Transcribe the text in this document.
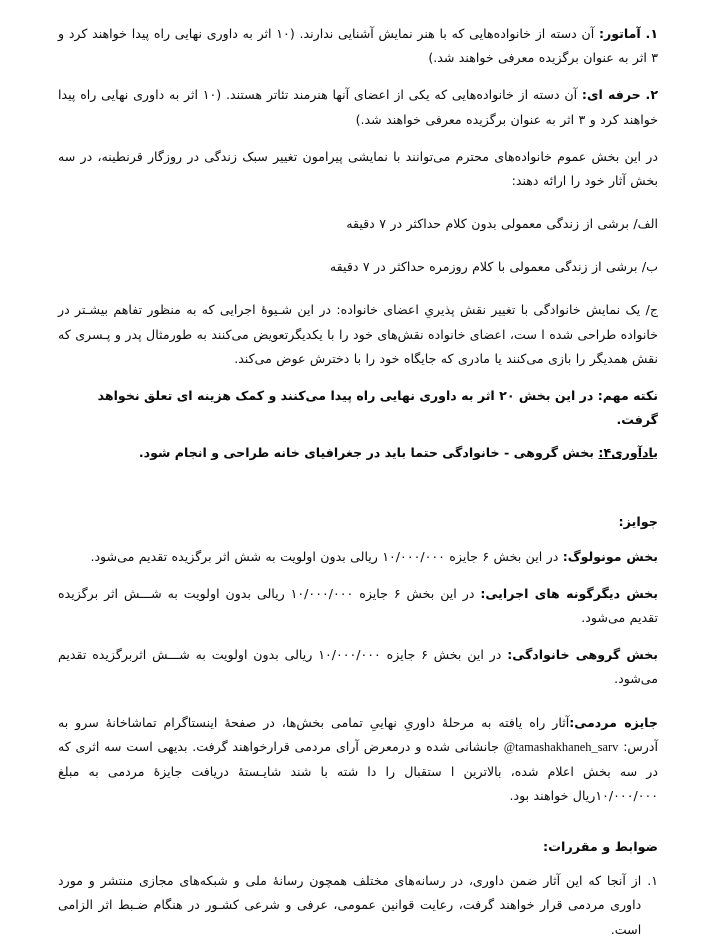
۱. آماتور: آن دسته از خانواده‌هایی که با هنر نمایش آشنایی ندارند. (۱۰ اثر به داوری نهایی راه پیدا خواهند کرد و ۳ اثر به عنوان برگزیده معرفی خواهند شد.)

۲. حرفه ای: آن دسته از خانواده‌هایی که یکی از اعضای آنها هنرمند تئاتر هستند. (۱۰ اثر به داوری نهایی راه پیدا خواهند کرد و ۳ اثر به عنوان برگزیده معرفی خواهند شد.)

در این بخش عموم خانواده‌های محترم می‌توانند با نمایشی پیرامون تغییر سبک زندگی در روزگار قرنطینه، در سه بخش آثار خود را ارائه دهند:

الف/ برشی از زندگی معمولی بدون کلام حداکثر در ۷ دقیقه

ب/ برشی از زندگی معمولی با کلام روزمره حداکثر در ۷ دقیقه

ج/ یک نمایش خانوادگی با تغییر نقش پذیریِ اعضای خانواده: در این شـیوهٔ اجرایی که به منظور تفاهم بیشـتر در خانواده طراحی شده ا ست، اعضای خانواده نقش‌های خود را با یکدیگرتعویض می‌کنند به طورمثال پدر و پـسری که نقش همدیگر را بازی می‌کنند یا مادری که جایگاه خود را با دخترش عوض می‌کند.

نکته مهم: در این بخش ۲۰ اثر به داوری نهایی راه پیدا می‌کنند و کمک هزینه ای تعلق نخواهد گرفت.

یادآوری۴: بخش گروهی - خانوادگی حتما باید در جغرافیای خانه طراحی و انجام شود.

جوایز:

بخش مونولوگ: در این بخش ۶ جایزه ۱۰/۰۰۰/۰۰۰ ریالی بدون اولویت به شش اثر برگزیده تقدیم می‌شود.

بخش دیگرگونه های اجرایی: در این بخش ۶ جایزه ۱۰/۰۰۰/۰۰۰ ریالی بدون اولویت به شـــش اثر برگزیده تقدیم می‌شود.

بخش گروهی خانوادگی: در این بخش ۶ جایزه ۱۰/۰۰۰/۰۰۰ ریالی بدون اولویت به شـــش اثربرگزیده تقدیم می‌شود.

جایزه مردمی:آثار راه یافته به مرحلهٔ داوریِ نهاییِ تمامی بخش‌ها، در صفحهٔ اینستاگرام تماشاخانهٔ سرو به آدرس: @tamashakhaneh_sarv جانشانی شده و درمعرض آرای مردمی قرارخواهند گرفت. بدیهی است سه اثری که در سه بخش اعلام شده، بالاترین ا ستقبال را دا شته با شند شایـستهٔ دریافت جایزهٔ مردمی به مبلغ ۱۰/۰۰۰/۰۰۰ریال خواهند بود.

ضوابط و مقررات:

۱.
از آنجا که این آثار ضمن داوری، در رسانه‌های مختلف همچون رسانهٔ ملی و شبکه‌های مجازی منتشر و مورد داوری مردمی قرار خواهند گرفت، رعایت قوانین عمومی، عرفی و شرعی کشـور در هنگام ضـبط اثر الزامی است.
